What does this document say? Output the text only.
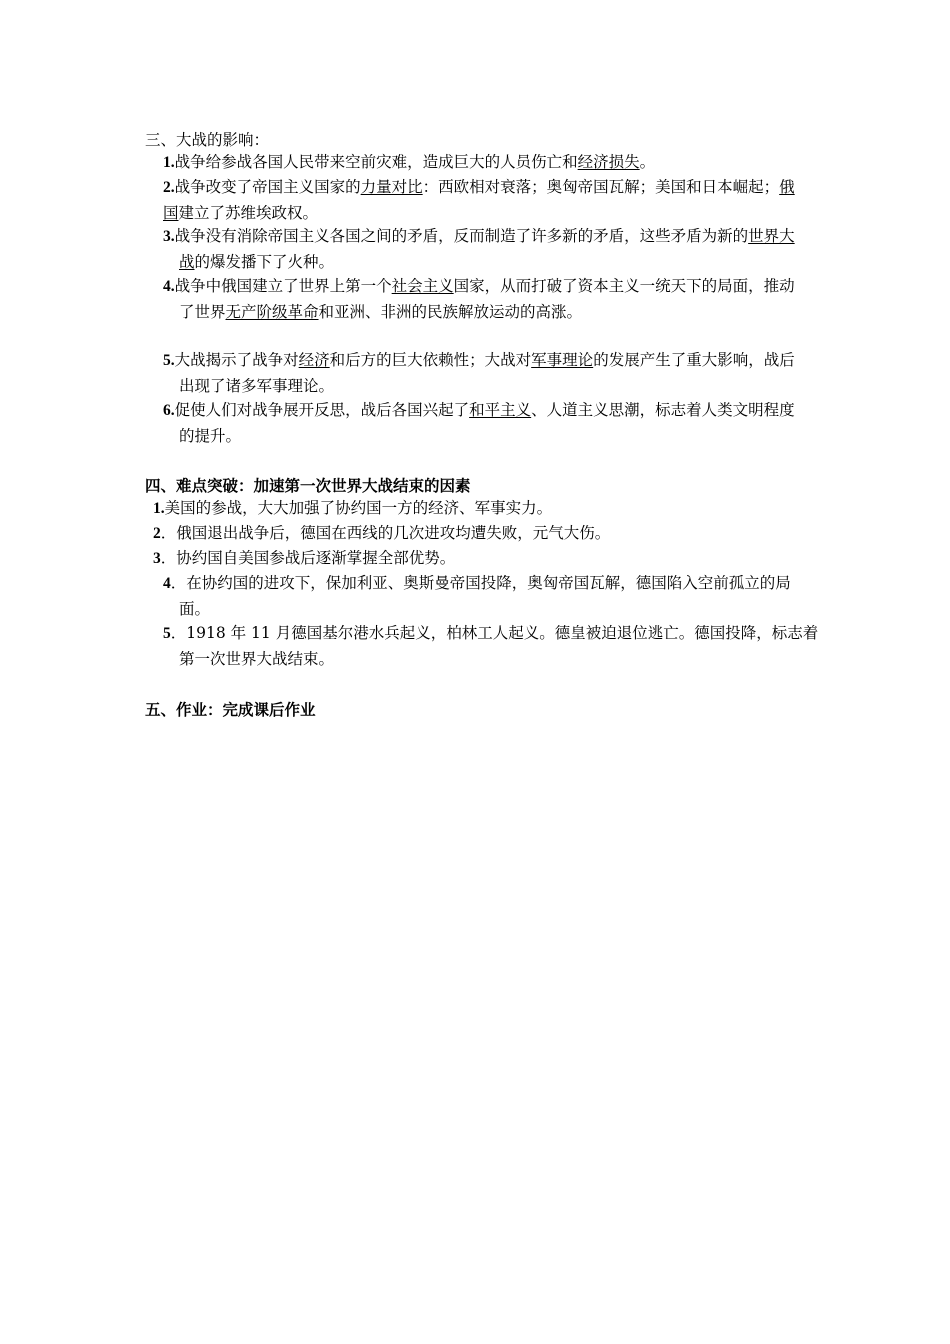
三、大战的影响：
1.战争给参战各国人民带来空前灾难，造成巨大的人员伤亡和经济损失。
2.战争改变了帝国主义国家的力量对比：西欧相对衰落；奥匈帝国瓦解；美国和日本崛起；俄国建立了苏维埃政权。
3.战争没有消除帝国主义各国之间的矛盾，反而制造了许多新的矛盾，这些矛盾为新的世界大战的爆发播下了火种。
4.战争中俄国建立了世界上第一个社会主义国家，从而打破了资本主义一统天下的局面，推动了世界无产阶级革命和亚洲、非洲的民族解放运动的高涨。
5.大战揭示了战争对经济和后方的巨大依赖性；大战对军事理论的发展产生了重大影响，战后出现了诸多军事理论。
6.促使人们对战争展开反思，战后各国兴起了和平主义、人道主义思潮，标志着人类文明程度的提升。
四、难点突破：加速第一次世界大战结束的因素
1.美国的参战，大大加强了协约国一方的经济、军事实力。
2．俄国退出战争后，德国在西线的几次进攻均遭失败，元气大伤。
3．协约国自美国参战后逐渐掌握全部优势。
4．在协约国的进攻下，保加利亚、奥斯曼帝国投降，奥匈帝国瓦解，德国陷入空前孤立的局面。
5．1918 年 11 月德国基尔港水兵起义，柏林工人起义。德皇被迫退位逃亡。德国投降，标志着第一次世界大战结束。
五、作业：完成课后作业
